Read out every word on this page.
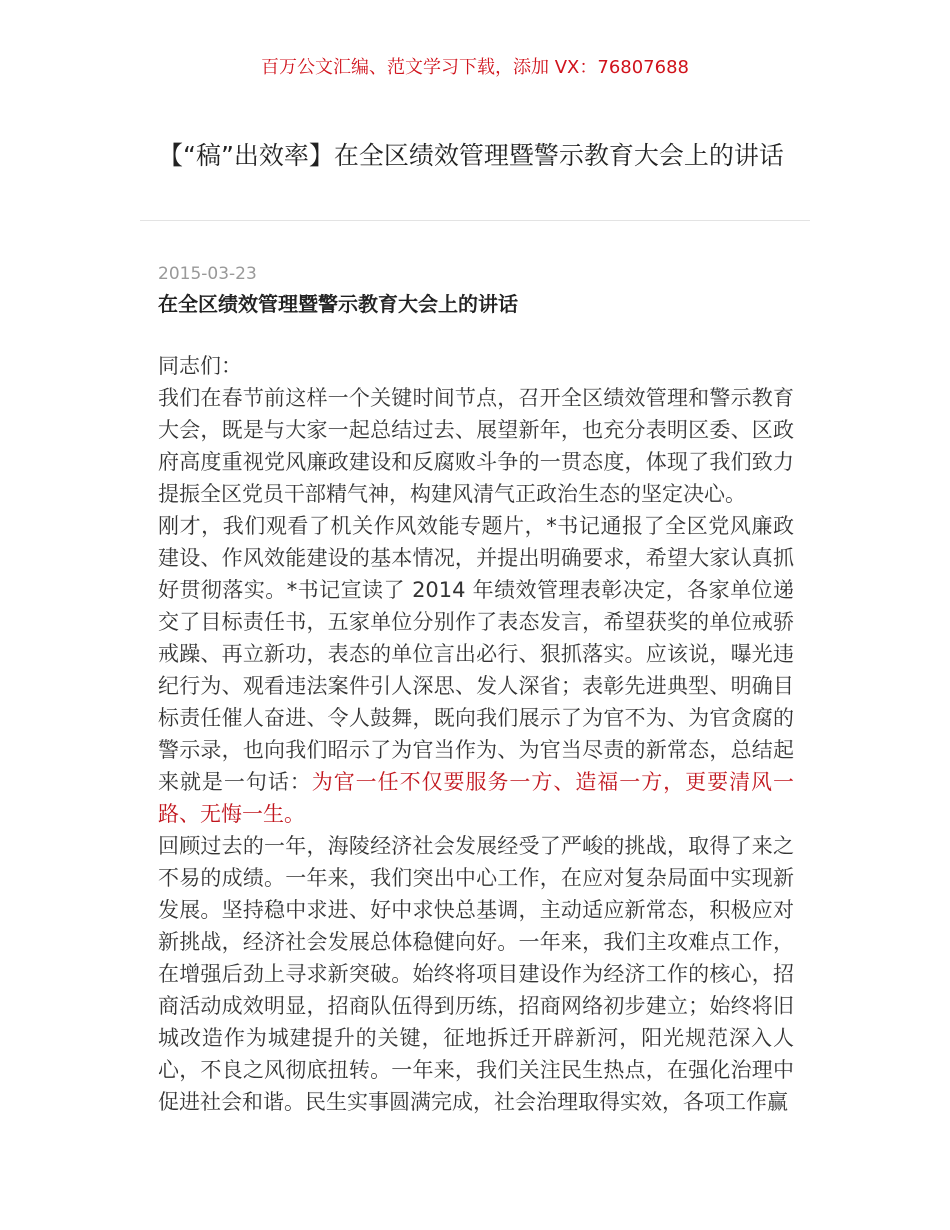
百万公文汇编、范文学习下载，添加 VX：76807688
【“稿”出效率】在全区绩效管理暨警示教育大会上的讲话
2015-03-23
在全区绩效管理暨警示教育大会上的讲话

同志们：

我们在春节前这样一个关键时间节点，召开全区绩效管理和警示教育大会，既是与大家一起总结过去、展望新年，也充分表明区委、区政府高度重视党风廉政建设和反腐败斗争的一贯态度，体现了我们致力提振全区党员干部精气神，构建风清气正政治生态的坚定决心。

刚才，我们观看了机关作风效能专题片，*书记通报了全区党风廉政建设、作风效能建设的基本情况，并提出明确要求，希望大家认真抓好贯彻落实。*书记宣读了 2014 年绩效管理表彰决定，各家单位递交了目标责任书，五家单位分别作了表态发言，希望获奖的单位戒骄戒躁、再立新功，表态的单位言出必行、狠抓落实。应该说，曝光违纪行为、观看违法案件引人深思、发人深省；表彰先进典型、明确目标责任催人奋进、令人鼓舞，既向我们展示了为官不为、为官贪腐的警示录，也向我们昭示了为官当作为、为官当尽责的新常态，总结起来就是一句话：为官一任不仅要服务一方、造福一方，更要清风一路、无悔一生。

回顾过去的一年，海陵经济社会发展经受了严峻的挑战，取得了来之不易的成绩。一年来，我们突出中心工作，在应对复杂局面中实现新发展。坚持稳中求进、好中求快总基调，主动适应新常态，积极应对新挑战，经济社会发展总体稳健向好。一年来，我们主攻难点工作，在增强后劲上寻求新突破。始终将项目建设作为经济工作的核心，招商活动成效明显，招商队伍得到历练，招商网络初步建立；始终将旧城改造作为城建提升的关键，征地拆迁开辟新河，阳光规范深入人心，不良之风彻底扭转。一年来，我们关注民生热点，在强化治理中促进社会和谐。民生实事圆满完成，社会治理取得实效，各项工作赢
